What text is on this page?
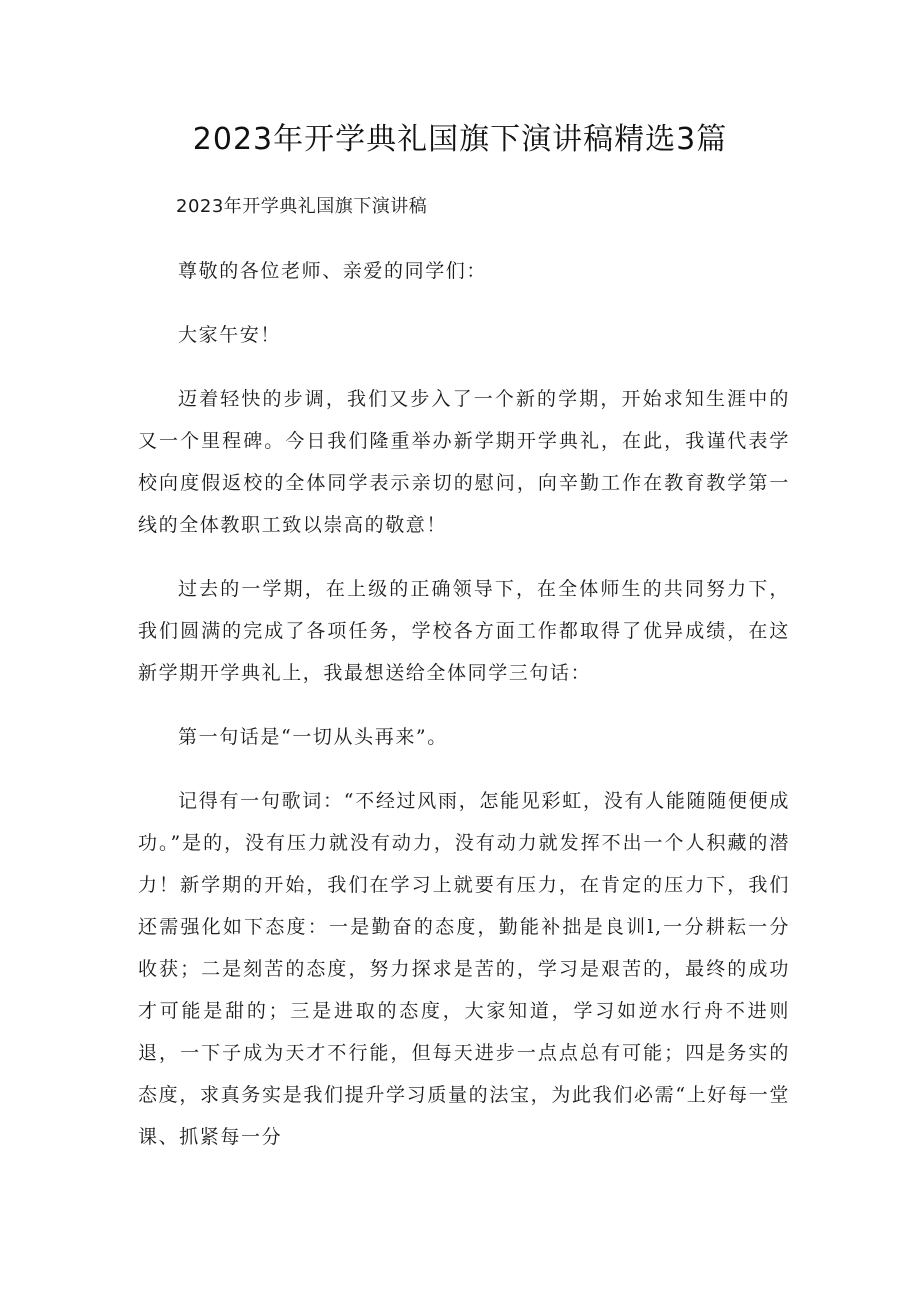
2023年开学典礼国旗下演讲稿精选3篇

2023年开学典礼国旗下演讲稿

尊敬的各位老师、亲爱的同学们：

大家午安！

迈着轻快的步调，我们又步入了一个新的学期，开始求知生涯中的又一个里程碑。今日我们隆重举办新学期开学典礼，在此，我谨代表学校向度假返校的全体同学表示亲切的慰问，向辛勤工作在教育教学第一线的全体教职工致以崇高的敬意！

过去的一学期，在上级的正确领导下，在全体师生的共同努力下，我们圆满的完成了各项任务，学校各方面工作都取得了优异成绩，在这新学期开学典礼上，我最想送给全体同学三句话：

第一句话是“一切从头再来”。

记得有一句歌词：“不经过风雨，怎能见彩虹，没有人能随随便便成功。”是的，没有压力就没有动力，没有动力就发挥不出一个人积藏的潜力！新学期的开始，我们在学习上就要有压力，在肯定的压力下，我们还需强化如下态度：一是勤奋的态度，勤能补拙是良训l,一分耕耘一分收获；二是刻苦的态度，努力探求是苦的，学习是艰苦的，最终的成功才可能是甜的；三是进取的态度，大家知道，学习如逆水行舟不进则退，一下子成为天才不行能，但每天进步一点点总有可能；四是务实的态度，求真务实是我们提升学习质量的法宝，为此我们必需“上好每一堂课、抓紧每一分
